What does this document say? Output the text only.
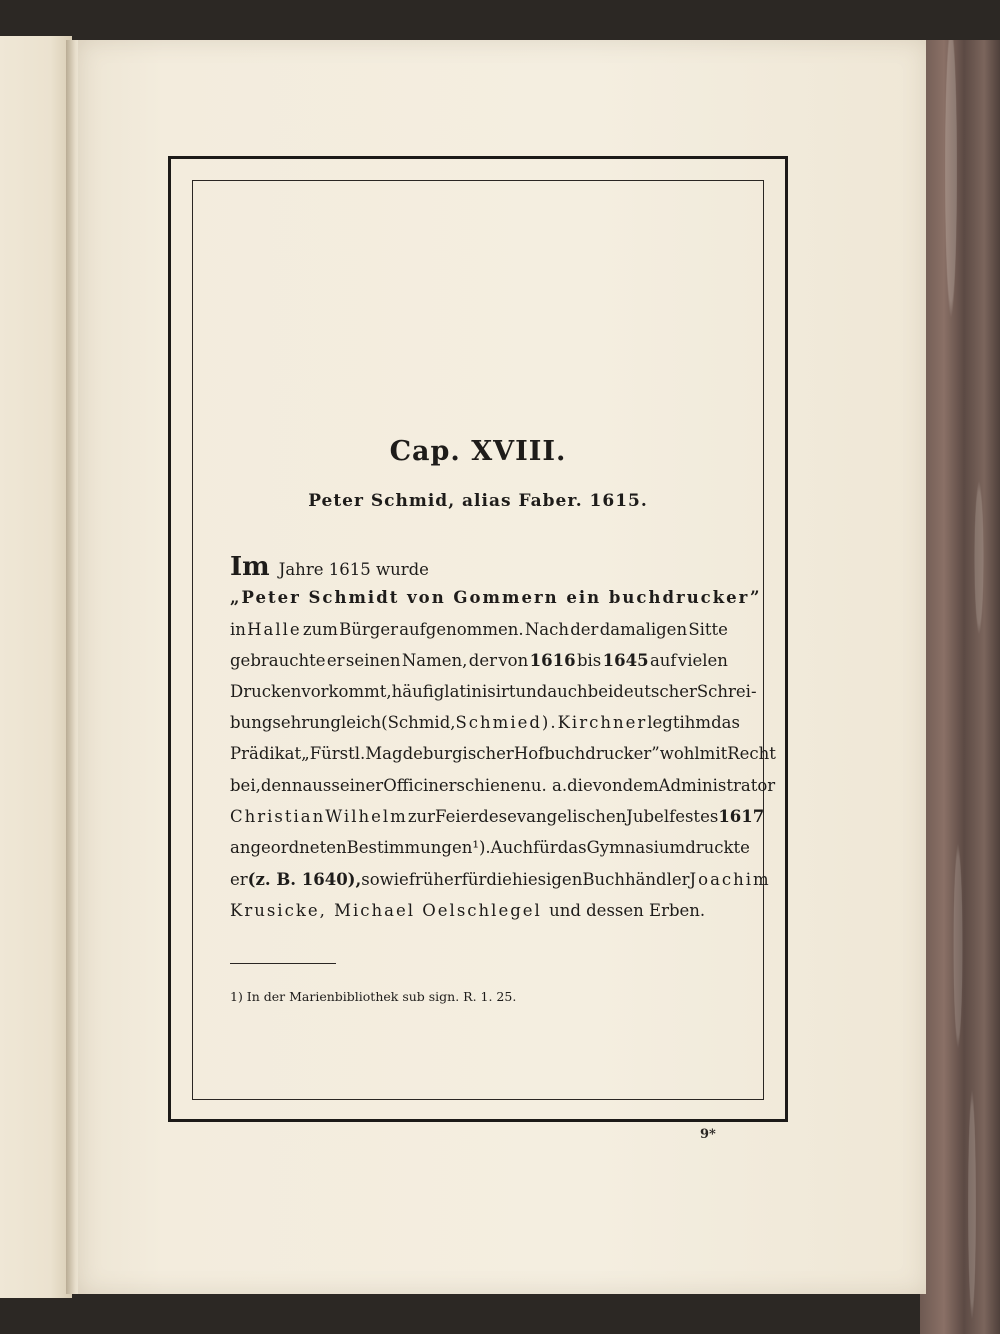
Cap. XVIII.
Peter Schmid, alias Faber. 1615.
Im Jahre 1615 wurde
„Peter Schmidt von Gommern ein buchdrucker”
in Halle zum Bürger aufgenommen. Nach der damaligen Sitte
gebrauchte er seinen Namen, der von 1616 bis 1645 auf vielen
Drucken vorkommt, häufig latinisirt und auch bei deutscher Schrei-
bung sehr ungleich (Schmid, Schmied). Kirchner legt ihm das
Prädikat „Fürstl. Magdeburgischer Hofbuchdrucker” wohl mit Recht
bei, denn aus seiner Officin erschienen u. a. die von dem Administrator
Christian Wilhelm zur Feier des evangelischen Jubelfestes 1617
angeordneten Bestimmungen ¹). Auch für das Gymnasium druckte
er (z. B. 1640), so wie früher für die hiesigen Buchhändler Joachim
Krusicke, Michael Oelschlegel und dessen Erben.
1) In der Marienbibliothek sub sign. R. 1. 25.
9*
